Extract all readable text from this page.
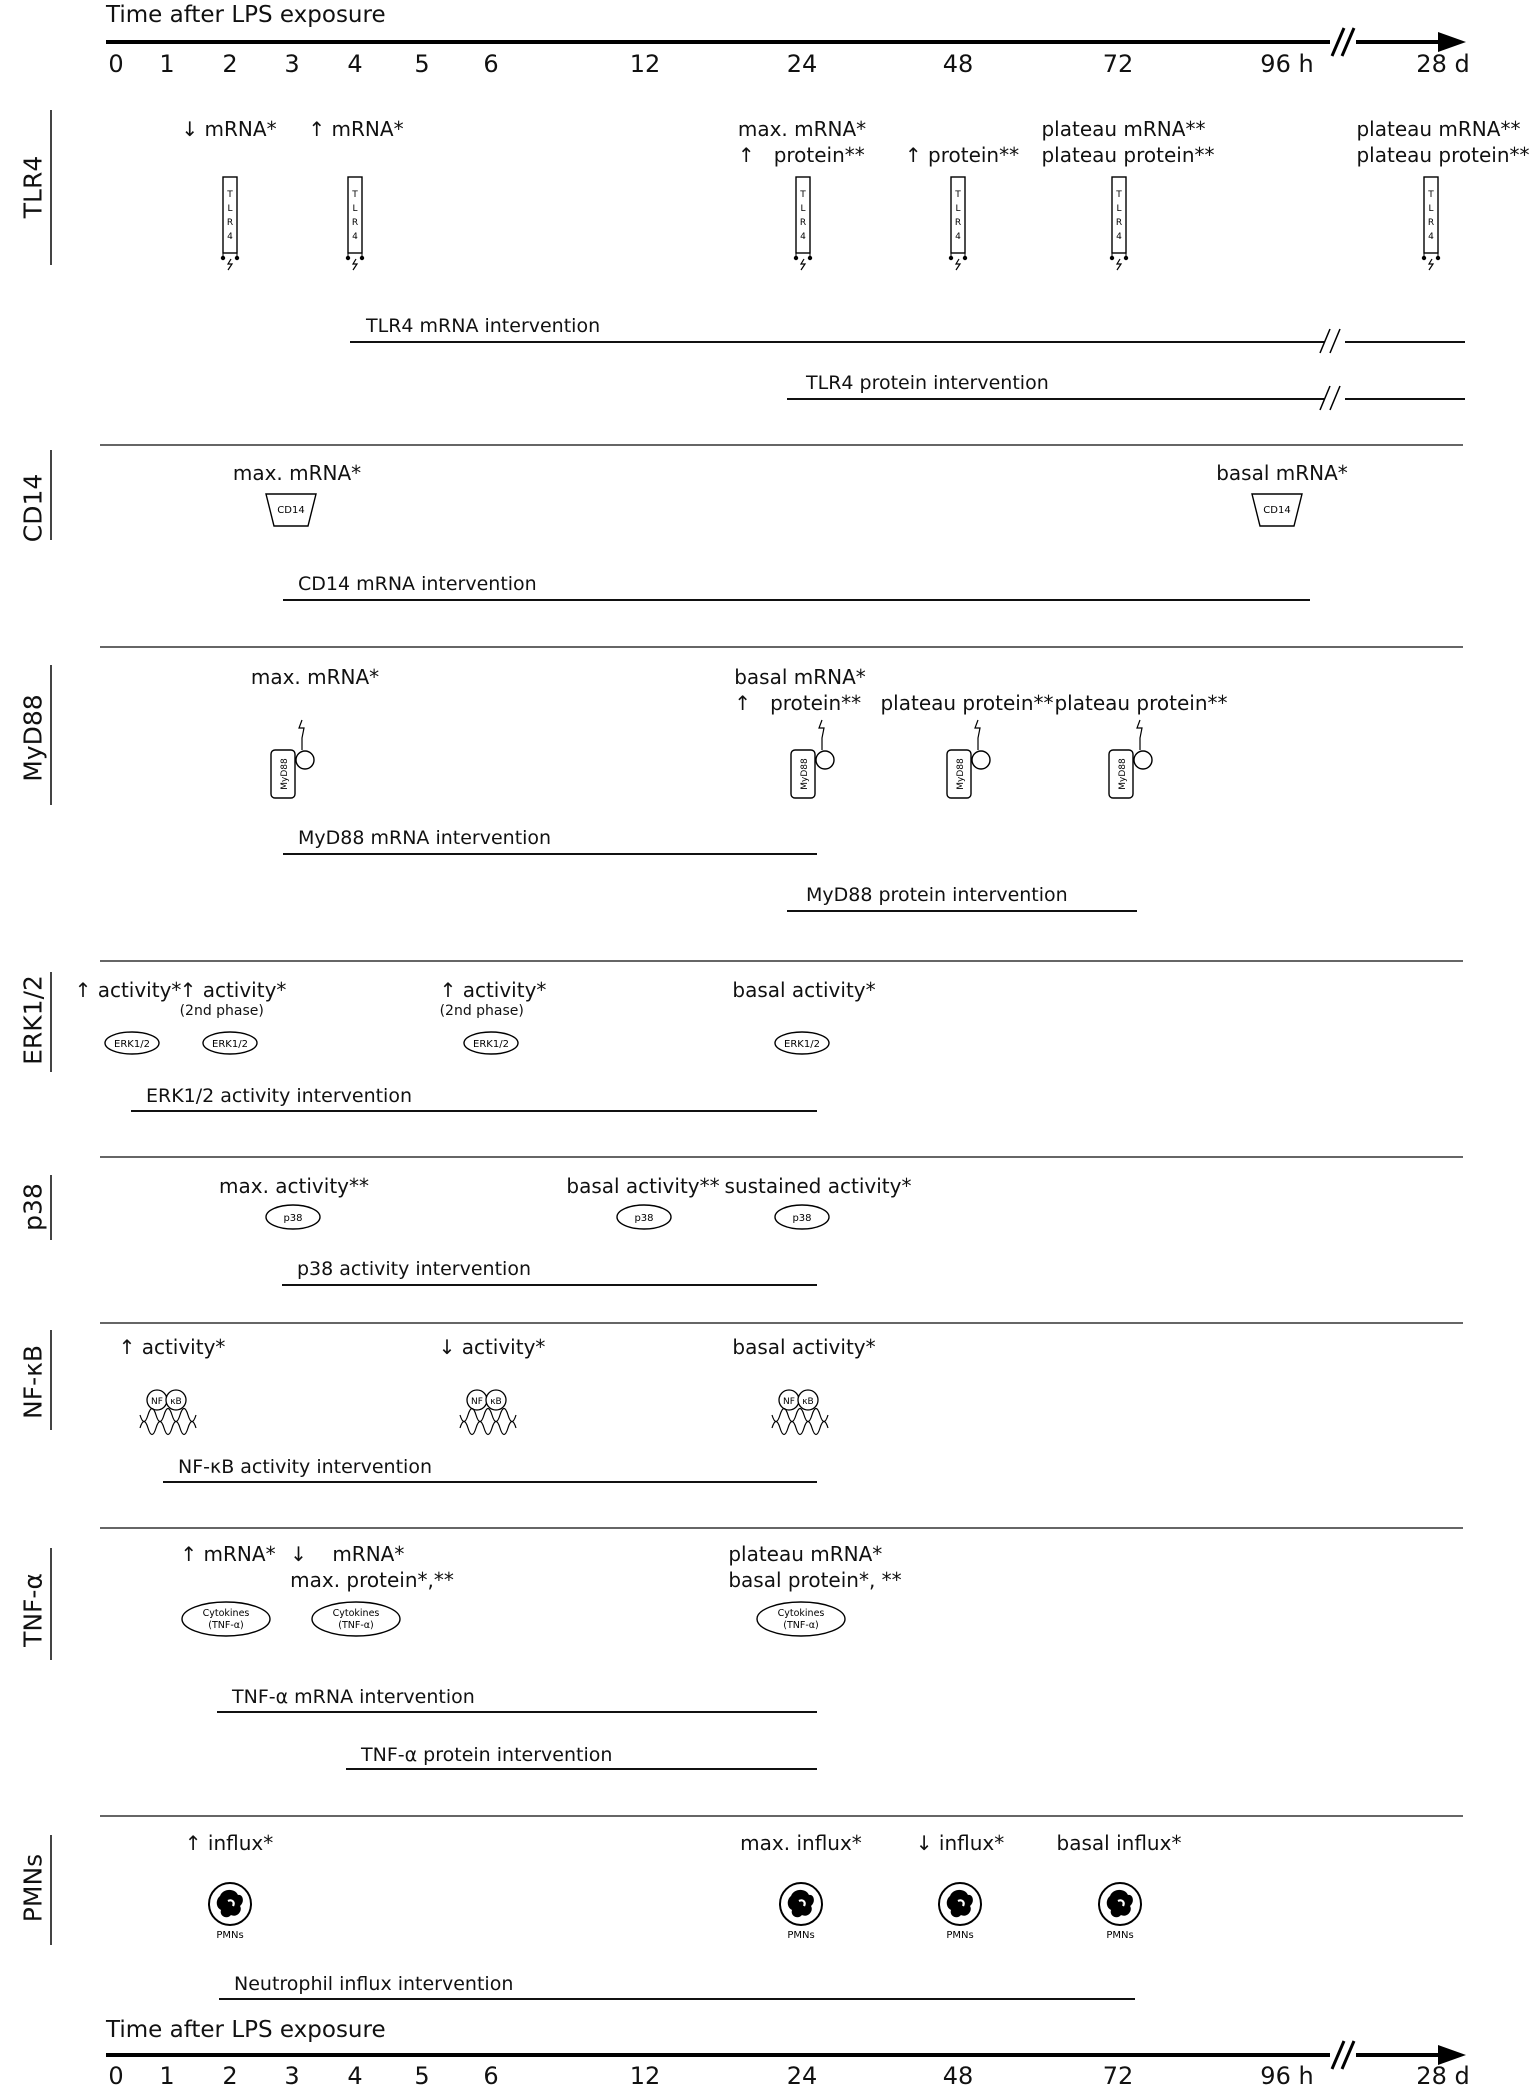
Time after LPS exposure
0 1 2 3 4 5 6	12	24	48	72	96 h	28 d
TLR4
↓ mRNA* ↑ mRNA*	max. mRNA*
↑ protein** ↑ protein**
plateau mRNA**
plateau protein**
plateau mRNA**
plateau protein**
T
L
R
4
T
L
R
4
T
L
R
4
T
L
R
4
T
L
R
4
T
L
R
4
TLR4 mRNA intervention
TLR4 protein intervention
CD14
max. mRNA*	basal mRNA*
CD14	CD14
CD14 mRNA intervention
MyD88
max. mRNA*	basal mRNA*
↑ protein** plateau protein** plateau protein**
MyD88	MyD88	MyD88	MyD88
MyD88 mRNA intervention
MyD88 protein intervention
ERK1/2 ↑ activity*
↑ activity*
(2nd phase)
↑ activity*
(2nd phase)
basal activity*
ERK1/2	ERK1/2	ERK1/2	ERK1/2
ERK1/2 activity intervention
p38	max. activity**	basal activity** sustained activity*
p38	p38	p38
p38 activity intervention
NF-κB	↑ activity*	↓ activity*	basal activity*
NF κB	NF κB	NF κB
NF-κB activity intervention
TNF-α
↑ mRNA* ↓ mRNA*
max. protein*,**
plateau mRNA*
basal protein*, **
Cytokines
(TNF-α)
Cytokines
(TNF-α)
Cytokines
(TNF-α)
TNF-α mRNA intervention
TNF-α protein intervention
PMNs
↑ influx*	max. influx*	↓ influx*	basal influx*
PMNs	PMNs	PMNs	PMNs
Neutrophil influx intervention
Time after LPS exposure
0 1 2 3 4 5 6	12	24	48	72	96 h	28 d
